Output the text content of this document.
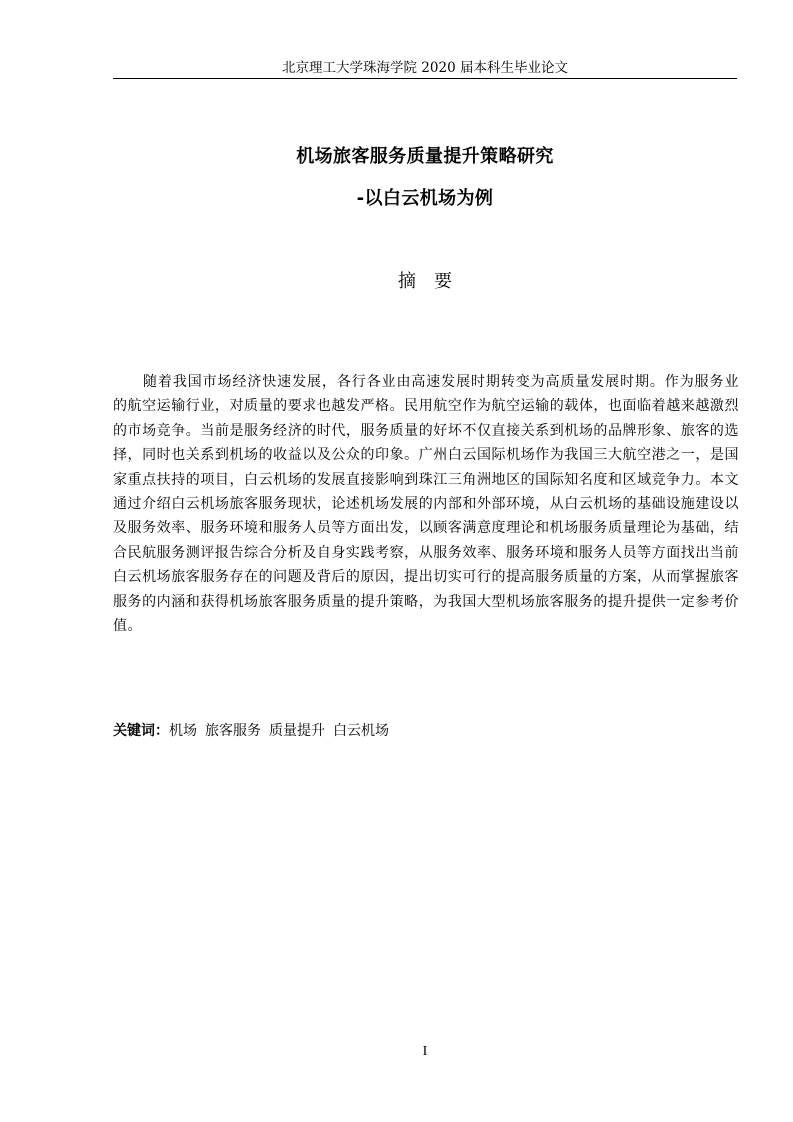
北京理工大学珠海学院 2020 届本科生毕业论文
机场旅客服务质量提升策略研究
-以白云机场为例
摘要

随着我国市场经济快速发展，各行各业由高速发展时期转变为高质量发展时期。作为服务业的航空运输行业，对质量的要求也越发严格。民用航空作为航空运输的载体，也面临着越来越激烈的市场竞争。当前是服务经济的时代，服务质量的好坏不仅直接关系到机场的品牌形象、旅客的选择，同时也关系到机场的收益以及公众的印象。广州白云国际机场作为我国三大航空港之一，是国家重点扶持的项目，白云机场的发展直接影响到珠江三角洲地区的国际知名度和区域竞争力。本文通过介绍白云机场旅客服务现状，论述机场发展的内部和外部环境，从白云机场的基础设施建设以及服务效率、服务环境和服务人员等方面出发，以顾客满意度理论和机场服务质量理论为基础，结合民航服务测评报告综合分析及自身实践考察，从服务效率、服务环境和服务人员等方面找出当前白云机场旅客服务存在的问题及背后的原因，提出切实可行的提高服务质量的方案，从而掌握旅客服务的内涵和获得机场旅客服务质量的提升策略，为我国大型机场旅客服务的提升提供一定参考价值。

关键词：机场 旅客服务 质量提升 白云机场
I
